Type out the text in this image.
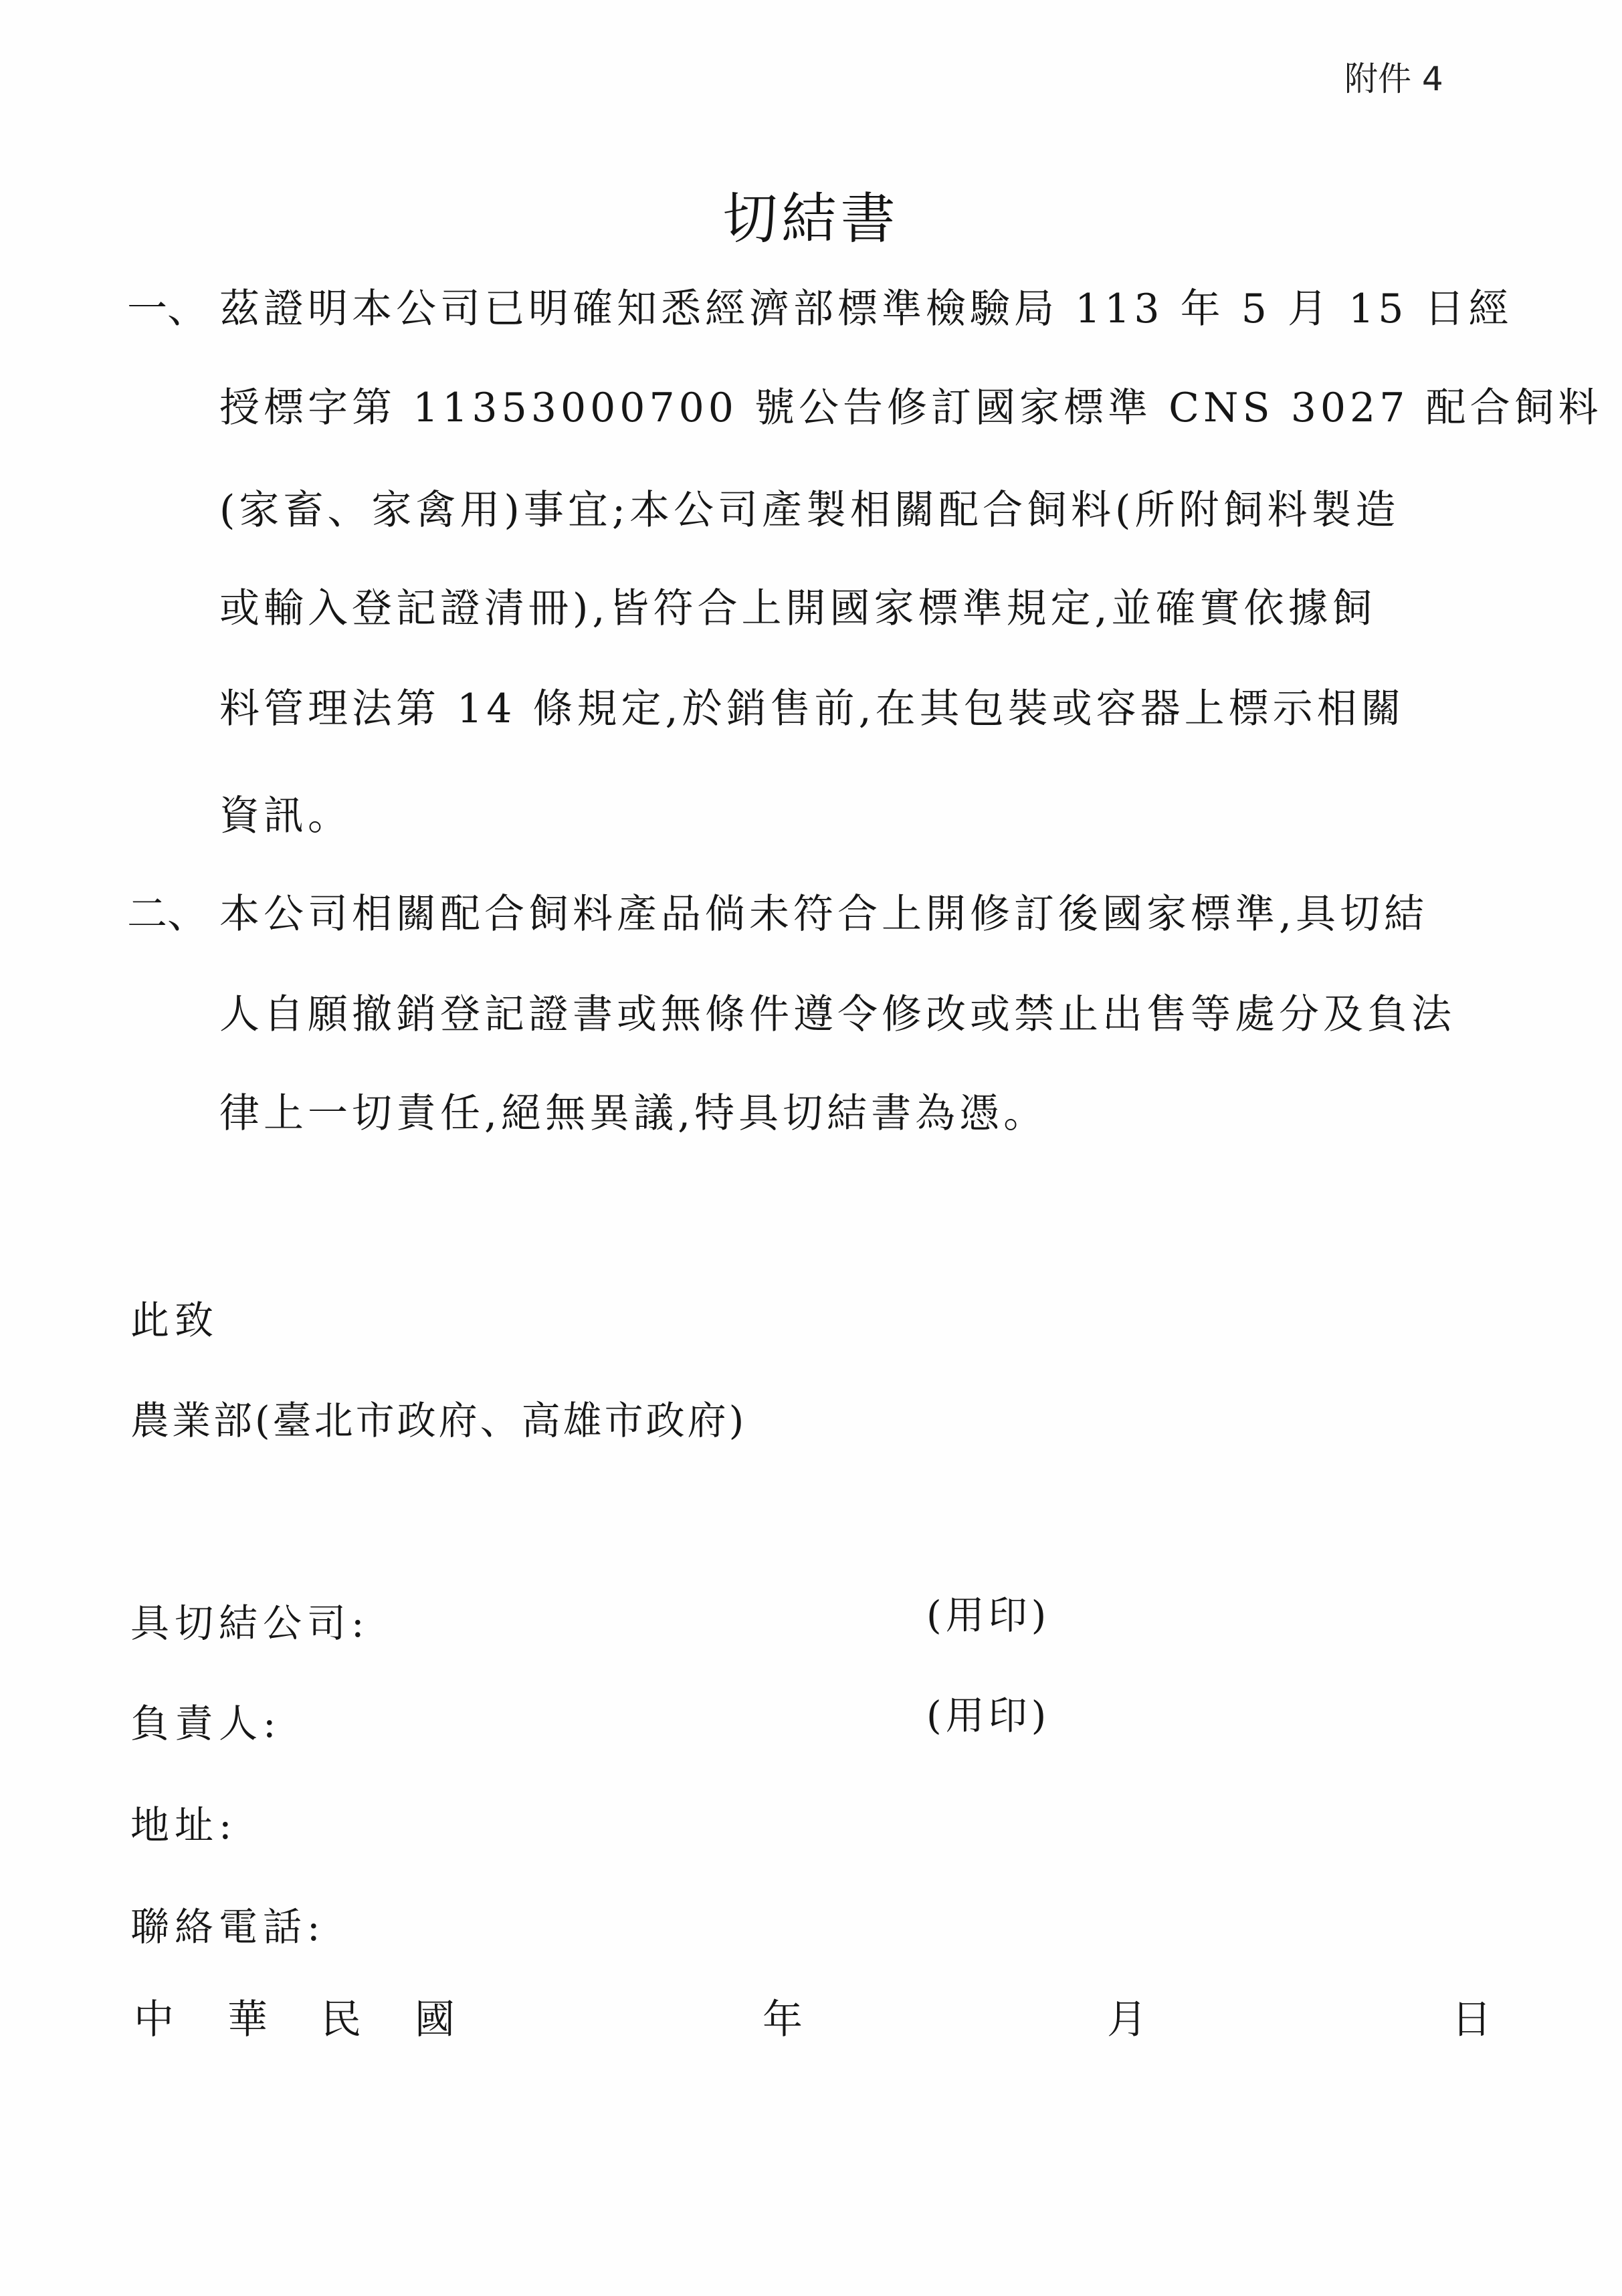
附件 4
切結書
一、 茲證明本公司已明確知悉經濟部標準檢驗局 113 年 5 月 15 日經
授標字第 11353000700 號公告修訂國家標準 CNS 3027 配合飼料
(家畜、家禽用)事宜;本公司產製相關配合飼料(所附飼料製造
或輸入登記證清冊),皆符合上開國家標準規定,並確實依據飼
料管理法第 14 條規定,於銷售前,在其包裝或容器上標示相關
資訊。
二、 本公司相關配合飼料產品倘未符合上開修訂後國家標準,具切結
人自願撤銷登記證書或無條件遵令修改或禁止出售等處分及負法
律上一切責任,絕無異議,特具切結書為憑。
此致
農業部(臺北市政府、高雄市政府)
具切結公司:	(用印)
負責人:	(用印)
地址:
聯絡電話:
中 華 民 國	年	月	日
